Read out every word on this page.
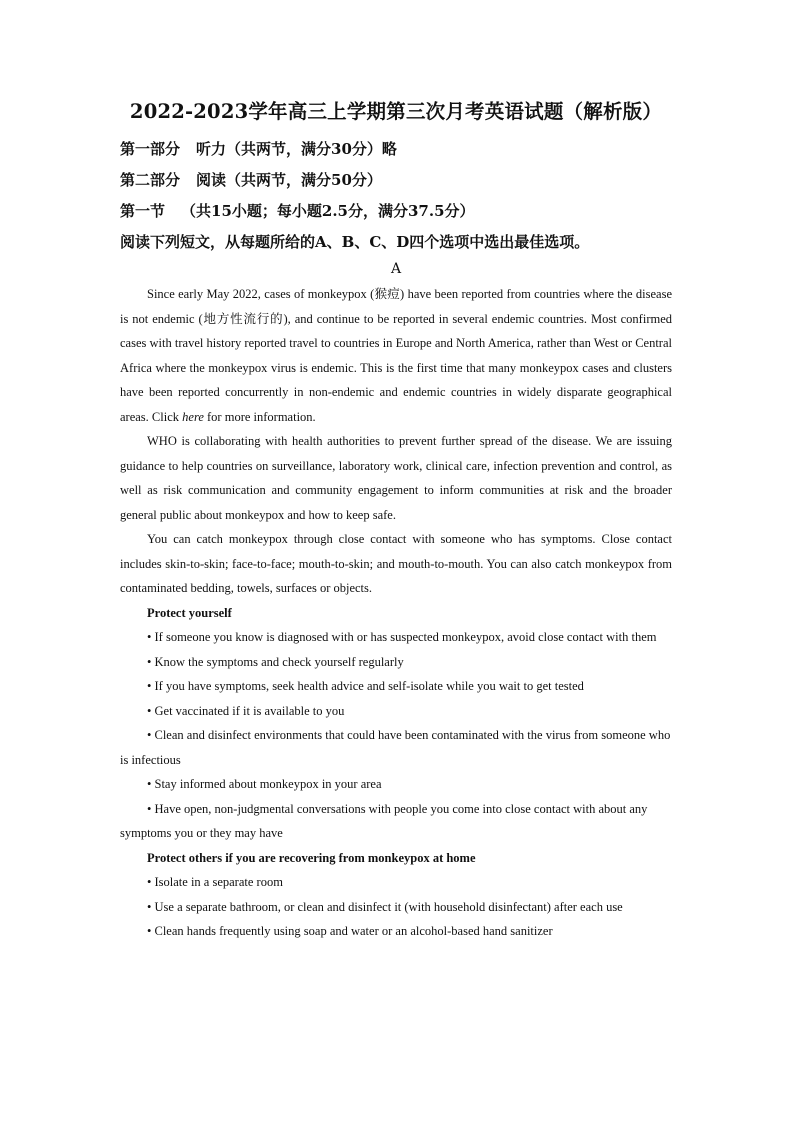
2022-2023学年高三上学期第三次月考英语试题（解析版）

第一部分 听力（共两节，满分30分）略

第二部分 阅读（共两节，满分50分）

第一节 （共15小题；每小题2.5分，满分37.5分）

阅读下列短文，从每题所给的A、B、C、D四个选项中选出最佳选项。

A

Since early May 2022, cases of monkeypox (猴痘) have been reported from countries where the disease is not endemic (地方性流行的), and continue to be reported in several endemic countries. Most confirmed cases with travel history reported travel to countries in Europe and North America, rather than West or Central Africa where the monkeypox virus is endemic. This is the first time that many monkeypox cases and clusters have been reported concurrently in non-endemic and endemic countries in widely disparate geographical areas. Click here for more information.

WHO is collaborating with health authorities to prevent further spread of the disease. We are issuing guidance to help countries on surveillance, laboratory work, clinical care, infection prevention and control, as well as risk communication and community engagement to inform communities at risk and the broader general public about monkeypox and how to keep safe.

You can catch monkeypox through close contact with someone who has symptoms. Close contact includes skin-to-skin; face-to-face; mouth-to-skin; and mouth-to-mouth. You can also catch monkeypox from contaminated bedding, towels, surfaces or objects.

Protect yourself

• If someone you know is diagnosed with or has suspected monkeypox, avoid close contact with them

• Know the symptoms and check yourself regularly

• If you have symptoms, seek health advice and self-isolate while you wait to get tested

• Get vaccinated if it is available to you

• Clean and disinfect environments that could have been contaminated with the virus from someone who is infectious

• Stay informed about monkeypox in your area

• Have open, non-judgmental conversations with people you come into close contact with about any symptoms you or they may have

Protect others if you are recovering from monkeypox at home

• Isolate in a separate room

• Use a separate bathroom, or clean and disinfect it (with household disinfectant) after each use

• Clean hands frequently using soap and water or an alcohol-based hand sanitizer
